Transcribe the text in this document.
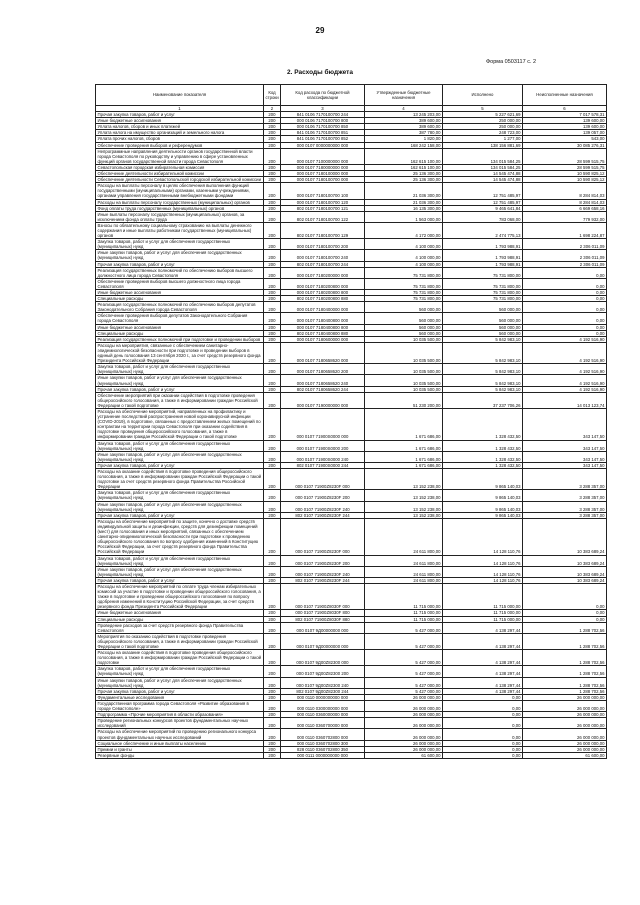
29
Форма 0503117 с. 2
2. Расходы бюджета
Наименование показателя	Код строки	Код расхода по бюджетной классификации	Утвержденные бюджетные назначения	Исполнено	Неисполненные назначения
1	2	3	4	5	6
Прочая закупка товаров, работ и услуг	200	841 0106 7170100700 244	13 245 203,00	5 227 621,69	7 017 578,31
Иные бюджетные ассигнования	200	000 0106 7170100700 800	389 600,00	250 000,00	139 600,00
Уплата налогов, сборов и иных платежей	200	000 0106 7170100700 850	389 600,00	250 000,00	139 600,00
Уплата налога на имущество организаций и земельного налога	200	841 0106 7170100700 851	387 780,00	248 723,00	139 057,00
Уплата прочих налогов, сборов	200	841 0106 7170100700 852	1 820,00	1 277,00	543,00
Обеспечение проведения выборов и референдумов	200	000 0107 0000000000 000	168 242 158,00	138 156 881,69	30 085 276,31
Непрограммные направления деятельности органов государственной власти города Севастополя по руководству и управлению в сфере установленных функций органов государственной власти города Севастополя	200	000 0107 7100000000 000	162 615 100,00	134 015 584,25	28 599 515,75
Севастопольская городская избирательная комиссия	200	000 0107 7180000000 000	162 615 100,00	134 015 584,25	28 599 515,75
Обеспечение деятельности избирательной комиссии	200	000 0107 7180100000 000	25 136 300,00	14 545 474,88	10 590 825,12
Обеспечение деятельности Севастопольской городской избирательной комиссии	200	000 0107 7180100700 000	25 136 300,00	14 545 474,88	10 590 825,12
Расходы на выплаты персоналу в целях обеспечения выполнения функций государственными (муниципальными) органами, казенными учреждениями, органами управления государственными внебюджетными фондами	200	000 0107 7180100700 100	21 036 300,00	12 751 485,97	8 284 814,03
Расходы на выплаты персоналу государственных (муниципальных) органов	200	000 0107 7180100700 120	21 036 300,00	12 751 485,97	8 284 814,03
Фонд оплаты труда государственных (муниципальных) органов	200	802 0107 7180100700 121	16 135 300,00	9 465 641,84	6 669 658,16
Иные выплаты персоналу государственных (муниципальных) органов, за исключением фонда оплаты труда	200	802 0107 7180100700 122	1 563 000,00	783 068,00	779 932,00
Взносы по обязательному социальному страхованию на выплаты денежного содержания и иные выплаты работникам государственных (муниципальных) органов	200	802 0107 7180100700 129	4 172 000,00	2 474 775,13	1 698 224,87
Закупка товаров, работ и услуг для обеспечения государственных (муниципальных) нужд	200	000 0107 7180100700 200	4 100 000,00	1 793 988,91	2 306 011,09
Иные закупки товаров, работ и услуг для обеспечения государственных (муниципальных) нужд	200	000 0107 7180100700 240	4 100 000,00	1 793 988,91	2 306 011,09
Прочая закупка товаров, работ и услуг	200	802 0107 7180100700 244	4 100 000,00	1 793 988,91	2 306 011,09
Реализация государственных полномочий по обеспечению выборов высшего должностного лица города Севастополя	200	000 0107 7180200000 000	75 731 800,00	75 731 800,00	0,00
Обеспечение проведения выборов высшего должностного лица города Севастополя	200	000 0107 7180200800 000	75 731 800,00	75 731 800,00	0,00
Иные бюджетные ассигнования	200	000 0107 7180200800 800	75 731 800,00	75 731 800,00	0,00
Специальные расходы	200	802 0107 7180200800 880	75 731 800,00	75 731 800,00	0,00
Реализация государственных полномочий по обеспечению выборов депутатов Законодательного Собрания города Севастополя	200	000 0107 7180400000 000	560 000,00	560 000,00	0,00
Обеспечение проведения выборов депутатов Законодательного Собрания города Севастополя	200	000 0107 7180400800 000	560 000,00	560 000,00	0,00
Иные бюджетные ассигнования	200	000 0107 7180400800 800	560 000,00	560 000,00	0,00
Специальные расходы	200	802 0107 7180400800 880	560 000,00	560 000,00	0,00
Реализация государственных полномочий при подготовке и проведении выборов	200	000 0107 7180600000 000	10 035 500,00	5 842 983,10	4 192 516,90
Расходы на мероприятия, связанные с обеспечением санитарно-эпидемиологической безопасности при подготовке и проведении выборов в единый день голосования 13 сентября 2020 г., за счет средств резервного фонда Президента Российской Федерации	200	000 0107 7180658620 000	10 035 500,00	5 842 983,10	4 192 516,90
Закупка товаров, работ и услуг для обеспечения государственных (муниципальных) нужд	200	000 0107 7180658620 200	10 035 500,00	5 842 983,10	4 192 516,90
Иные закупки товаров, работ и услуг для обеспечения государственных (муниципальных) нужд	200	000 0107 7180658620 240	10 035 500,00	5 842 983,10	4 192 516,90
Прочая закупка товаров, работ и услуг	200	802 0107 7180658620 244	10 035 500,00	5 842 983,10	4 192 516,90
Обеспечение мероприятий при оказании содействия в подготовке проведения общероссийского голосования, а также в информировании граждан Российской Федерации о такой подготовке	200	000 0107 7190000000 000	51 230 200,00	37 237 706,26	14 013 123,74
Расходы на обеспечение мероприятий, направленных на профилактику и устранение последствий распространения новой коронавирусной инфекции (COVID-2019), в подготовке, связанных с предоставлением жилых помещений по контрактам на территории города Севастополя при оказании содействия в подготовке проведения общероссийского голосования, а также в информировании граждан Российской Федерации о такой подготовке	200	000 0107 71900S0000 000	1 671 686,00	1 328 432,50	343 147,50
Закупка товаров, работ и услуг для обеспечения государственных (муниципальных) нужд	200	000 0107 71900S0000 200	1 671 686,00	1 328 432,50	343 147,50
Иные закупки товаров, работ и услуг для обеспечения государственных (муниципальных) нужд	200	000 0107 71900S0000 240	1 671 686,00	1 328 432,50	343 147,50
Прочая закупка товаров, работ и услуг	200	802 0107 71900S0000 244	1 671 686,00	1 328 432,50	343 147,50
Расходы на оказание содействия в подготовке проведения общероссийского голосования, а также в информировании граждан Российской Федерации о такой подготовке за счет средств резервного фонда Правительства Российской Федерации	200	000 0107 71900Z8230F 000	13 152 238,00	9 865 140,03	3 288 357,00
Закупка товаров, работ и услуг для обеспечения государственных (муниципальных) нужд	200	000 0107 71900Z8230F 200	13 152 238,00	9 865 140,03	3 288 357,00
Иные закупки товаров, работ и услуг для обеспечения государственных (муниципальных) нужд	200	000 0107 71900Z8230F 240	13 152 238,00	9 865 140,03	3 288 357,00
Прочая закупка товаров, работ и услуг	200	802 0107 71900Z8230F 244	13 152 238,00	9 865 140,03	3 288 357,00
Расходы на обеспечение мероприятий по защите, конечно о доставке средств индивидуальной защиты и дезинфекции, средств для дезинфекции помещений (мест) для голосования и иных мероприятий, связанных с обеспечением санитарно-эпидемиологической безопасности при подготовке к проведению общероссийского голосования по вопросу одобрения изменений в Конституцию Российской Федерации, за счет средств резервного фонда Правительства Российской Федерации	200	000 0107 71900Z8230F 000	24 611 800,00	14 128 110,76	10 383 689,24
Закупка товаров, работ и услуг для обеспечения государственных (муниципальных) нужд	200	000 0107 71900Z8230F 200	24 611 800,00	14 128 110,76	10 383 689,24
Иные закупки товаров, работ и услуг для обеспечения государственных (муниципальных) нужд	200	000 0107 71900Z8230F 240	24 611 800,00	14 128 110,76	10 383 689,24
Прочая закупка товаров, работ и услуг	200	802 0107 71900Z8230F 244	24 611 800,00	14 128 110,76	10 383 689,24
Расходы на обеспечение мероприятий по оплате труда членам избирательных комиссий за участие в подготовке и проведении общероссийского голосования, а также в подготовке и проведении общероссийского голосования по вопросу одобрения изменений в Конституцию Российской Федерации, за счет средств резервного фонда Президента Российской Федерации	200	000 0107 71900Z8030F 000	11 715 000,00	11 715 000,00	0,00
Иные бюджетные ассигнования	200	000 0107 71900Z8030F 800	11 715 000,00	11 715 000,00	0,00
Специальные расходы	200	802 0107 71900Z8030F 880	11 715 000,00	11 715 000,00	0,00
Проведение расходов за счет средств резервного фонда Правительства Севастополя	200	000 0107 9Д00000000 000	5 427 000,00	4 138 297,44	1 288 702,56
Мероприятия по оказанию содействия в подготовке проведения общероссийского голосования, а также в информировании граждан Российской Федерации о такой подготовке	200	000 0107 9Д00000000 000	5 427 000,00	4 138 297,44	1 288 702,56
Расходы на оказание содействия в подготовке проведения общероссийского голосования, а также в информировании граждан Российской Федерации о такой подготовке	200	000 0107 9Д00Z82300 000	5 427 000,00	4 138 297,44	1 288 702,56
Закупка товаров, работ и услуг для обеспечения государственных (муниципальных) нужд	200	000 0107 9Д00Z82300 200	5 427 000,00	4 138 297,44	1 288 702,56
Иные закупки товаров, работ и услуг для обеспечения государственных (муниципальных) нужд	200	000 0107 9Д00Z82300 240	5 427 000,00	4 138 297,44	1 288 702,56
Прочая закупка товаров, работ и услуг	200	802 0107 9Д00Z82300 244	5 427 000,00	4 138 297,44	1 288 702,56
Фундаментальные исследования	200	000 0110 0000000000 000	26 000 000,00	0,00	26 000 000,00
Государственная программа города Севастополя «Развитие образования в городе Севастополе»	200	000 0110 0300000000 000	26 000 000,00	0,00	26 000 000,00
Подпрограмма «Прочие мероприятия в области образования»	200	000 0110 0360000000 000	26 000 000,00	0,00	26 000 000,00
Проведение региональных конкурсов проектов фундаментальных научных исследований	200	000 0110 0360700000 000	26 000 000,00	0,00	26 000 000,00
Расходы на обеспечение мероприятий по проведению регионального конкурса проектов фундаментальных научных исследований	200	000 0110 0360702800 000	26 000 000,00	0,00	26 000 000,00
Социальное обеспечение и иные выплаты населению	200	000 0110 0360702800 300	26 000 000,00	0,00	26 000 000,00
Премии и гранты	200	828 0110 0360702800 350	26 000 000,00	0,00	26 000 000,00
Резервные фонды	200	000 0111 0000000000 000	61 600,00	0,00	61 600,00
